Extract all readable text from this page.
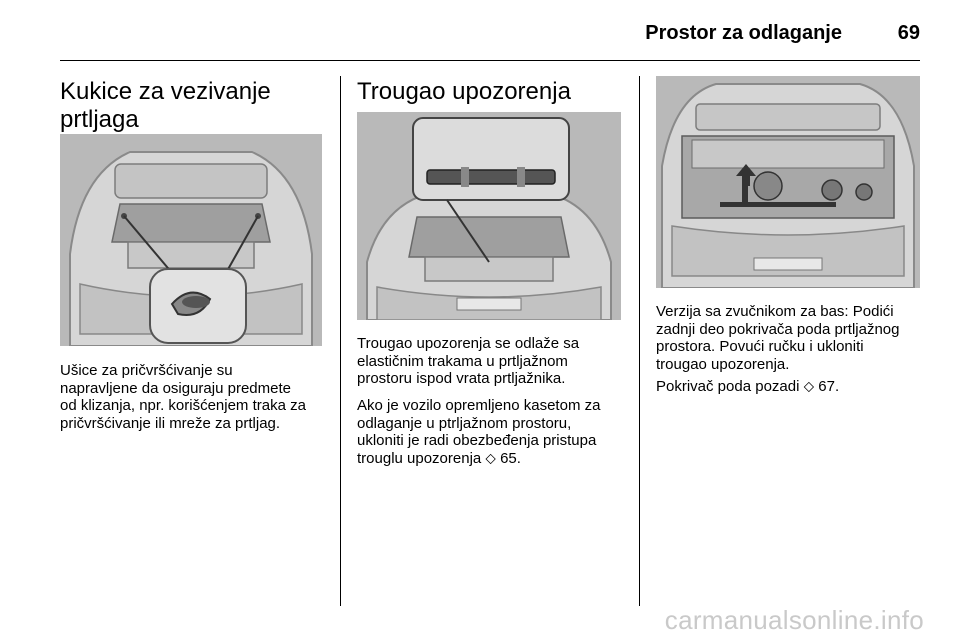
Prostor za odlaganje	69
Kukice za vezivanje
prtljaga
Ušice za pričvršćivanje su
napravljene da osiguraju predmete
od klizanja, npr. korišćenjem traka za
pričvršćivanje ili mreže za prtljag.
Trougao upozorenja
Trougao upozorenja se odlaže sa
elastičnim trakama u prtljažnom
prostoru ispod vrata prtljažnika.
Ako je vozilo opremljeno kasetom za
odlaganje u ptrljažnom prostoru,
ukloniti je radi obezbeđenja pristupa
trouglu upozorenja ⬦ 65.
Verzija sa zvučnikom za bas: Podići
zadnji deo pokrivača poda prtljažnog
prostora. Povući ručku i ukloniti
trougao upozorenja.
Pokrivač poda pozadi ⬦ 67.
carmanualsonline.info
